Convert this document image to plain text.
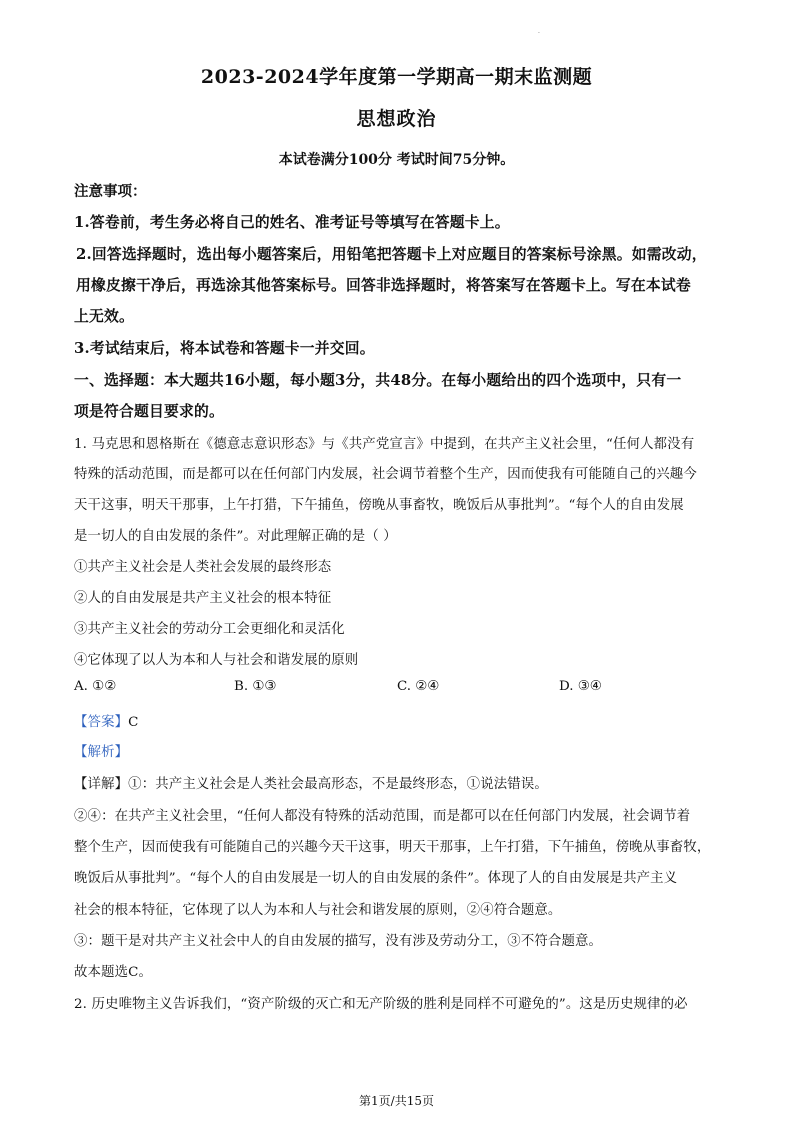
·
2023-2024学年度第一学期高一期末监测题
思想政治
本试卷满分100分 考试时间75分钟。
注意事项：
1.答卷前，考生务必将自己的姓名、准考证号等填写在答题卡上。
2.回答选择题时，选出每小题答案后，用铅笔把答题卡上对应题目的答案标号涂黑。如需改动，
用橡皮擦干净后，再选涂其他答案标号。回答非选择题时，将答案写在答题卡上。写在本试卷
上无效。
3.考试结束后，将本试卷和答题卡一并交回。
一、选择题：本大题共16小题，每小题3分，共48分。在每小题给出的四个选项中，只有一
项是符合题目要求的。
1. 马克思和恩格斯在《德意志意识形态》与《共产党宣言》中提到，在共产主义社会里，“任何人都没有
特殊的活动范围，而是都可以在任何部门内发展，社会调节着整个生产，因而使我有可能随自己的兴趣今
天干这事，明天干那事，上午打猎，下午捕鱼，傍晚从事畜牧，晚饭后从事批判”。“每个人的自由发展
是一切人的自由发展的条件”。对此理解正确的是（ ）
①共产主义社会是人类社会发展的最终形态
②人的自由发展是共产主义社会的根本特征
③共产主义社会的劳动分工会更细化和灵活化
④它体现了以人为本和人与社会和谐发展的原则
A. ①②	B. ①③	C. ②④	D. ③④
【答案】C
【解析】
【详解】①：共产主义社会是人类社会最高形态，不是最终形态，①说法错误。
②④：在共产主义社会里，“任何人都没有特殊的活动范围，而是都可以在任何部门内发展，社会调节着
整个生产，因而使我有可能随自己的兴趣今天干这事，明天干那事，上午打猎，下午捕鱼，傍晚从事畜牧，
晚饭后从事批判”。“每个人的自由发展是一切人的自由发展的条件”。体现了人的自由发展是共产主义
社会的根本特征，它体现了以人为本和人与社会和谐发展的原则，②④符合题意。
③：题干是对共产主义社会中人的自由发展的描写，没有涉及劳动分工，③不符合题意。
故本题选C。
2. 历史唯物主义告诉我们，“资产阶级的灭亡和无产阶级的胜利是同样不可避免的”。这是历史规律的必
第1页/共15页
